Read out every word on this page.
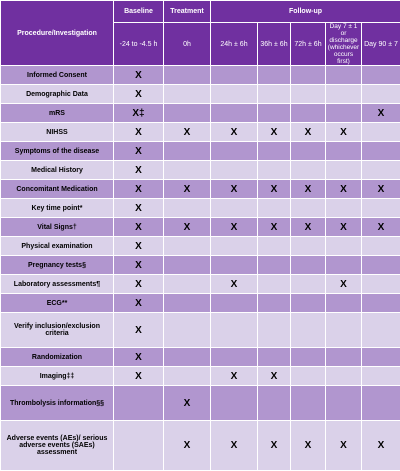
Procedure/Investigation	Baseline	Treatment	Follow-up				
	-24 to -4.5 h	0h	24h ± 6h	36h ± 6h	72h ± 6h	Day 7 ± 1 or discharge (whichever occurs first)	Day 90 ± 7
Informed Consent	X						
Demographic Data	X						
mRS	X‡						X
NIHSS	X	X	X	X	X	X	
Symptoms of the disease	X						
Medical History	X						
Concomitant Medication	X	X	X	X	X	X	X
Key time point*	X						
Vital Signs†	X	X	X	X	X	X	X
Physical examination	X						
Pregnancy tests§	X						
Laboratory assessments¶	X		X			X	
ECG**	X						
Verify inclusion/exclusion criteria	X						
Randomization	X						
Imaging‡‡	X		X	X			
Thrombolysis information§§		X					
Adverse events (AEs)/ serious adverse events (SAEs) assessment		X	X	X	X	X	X
